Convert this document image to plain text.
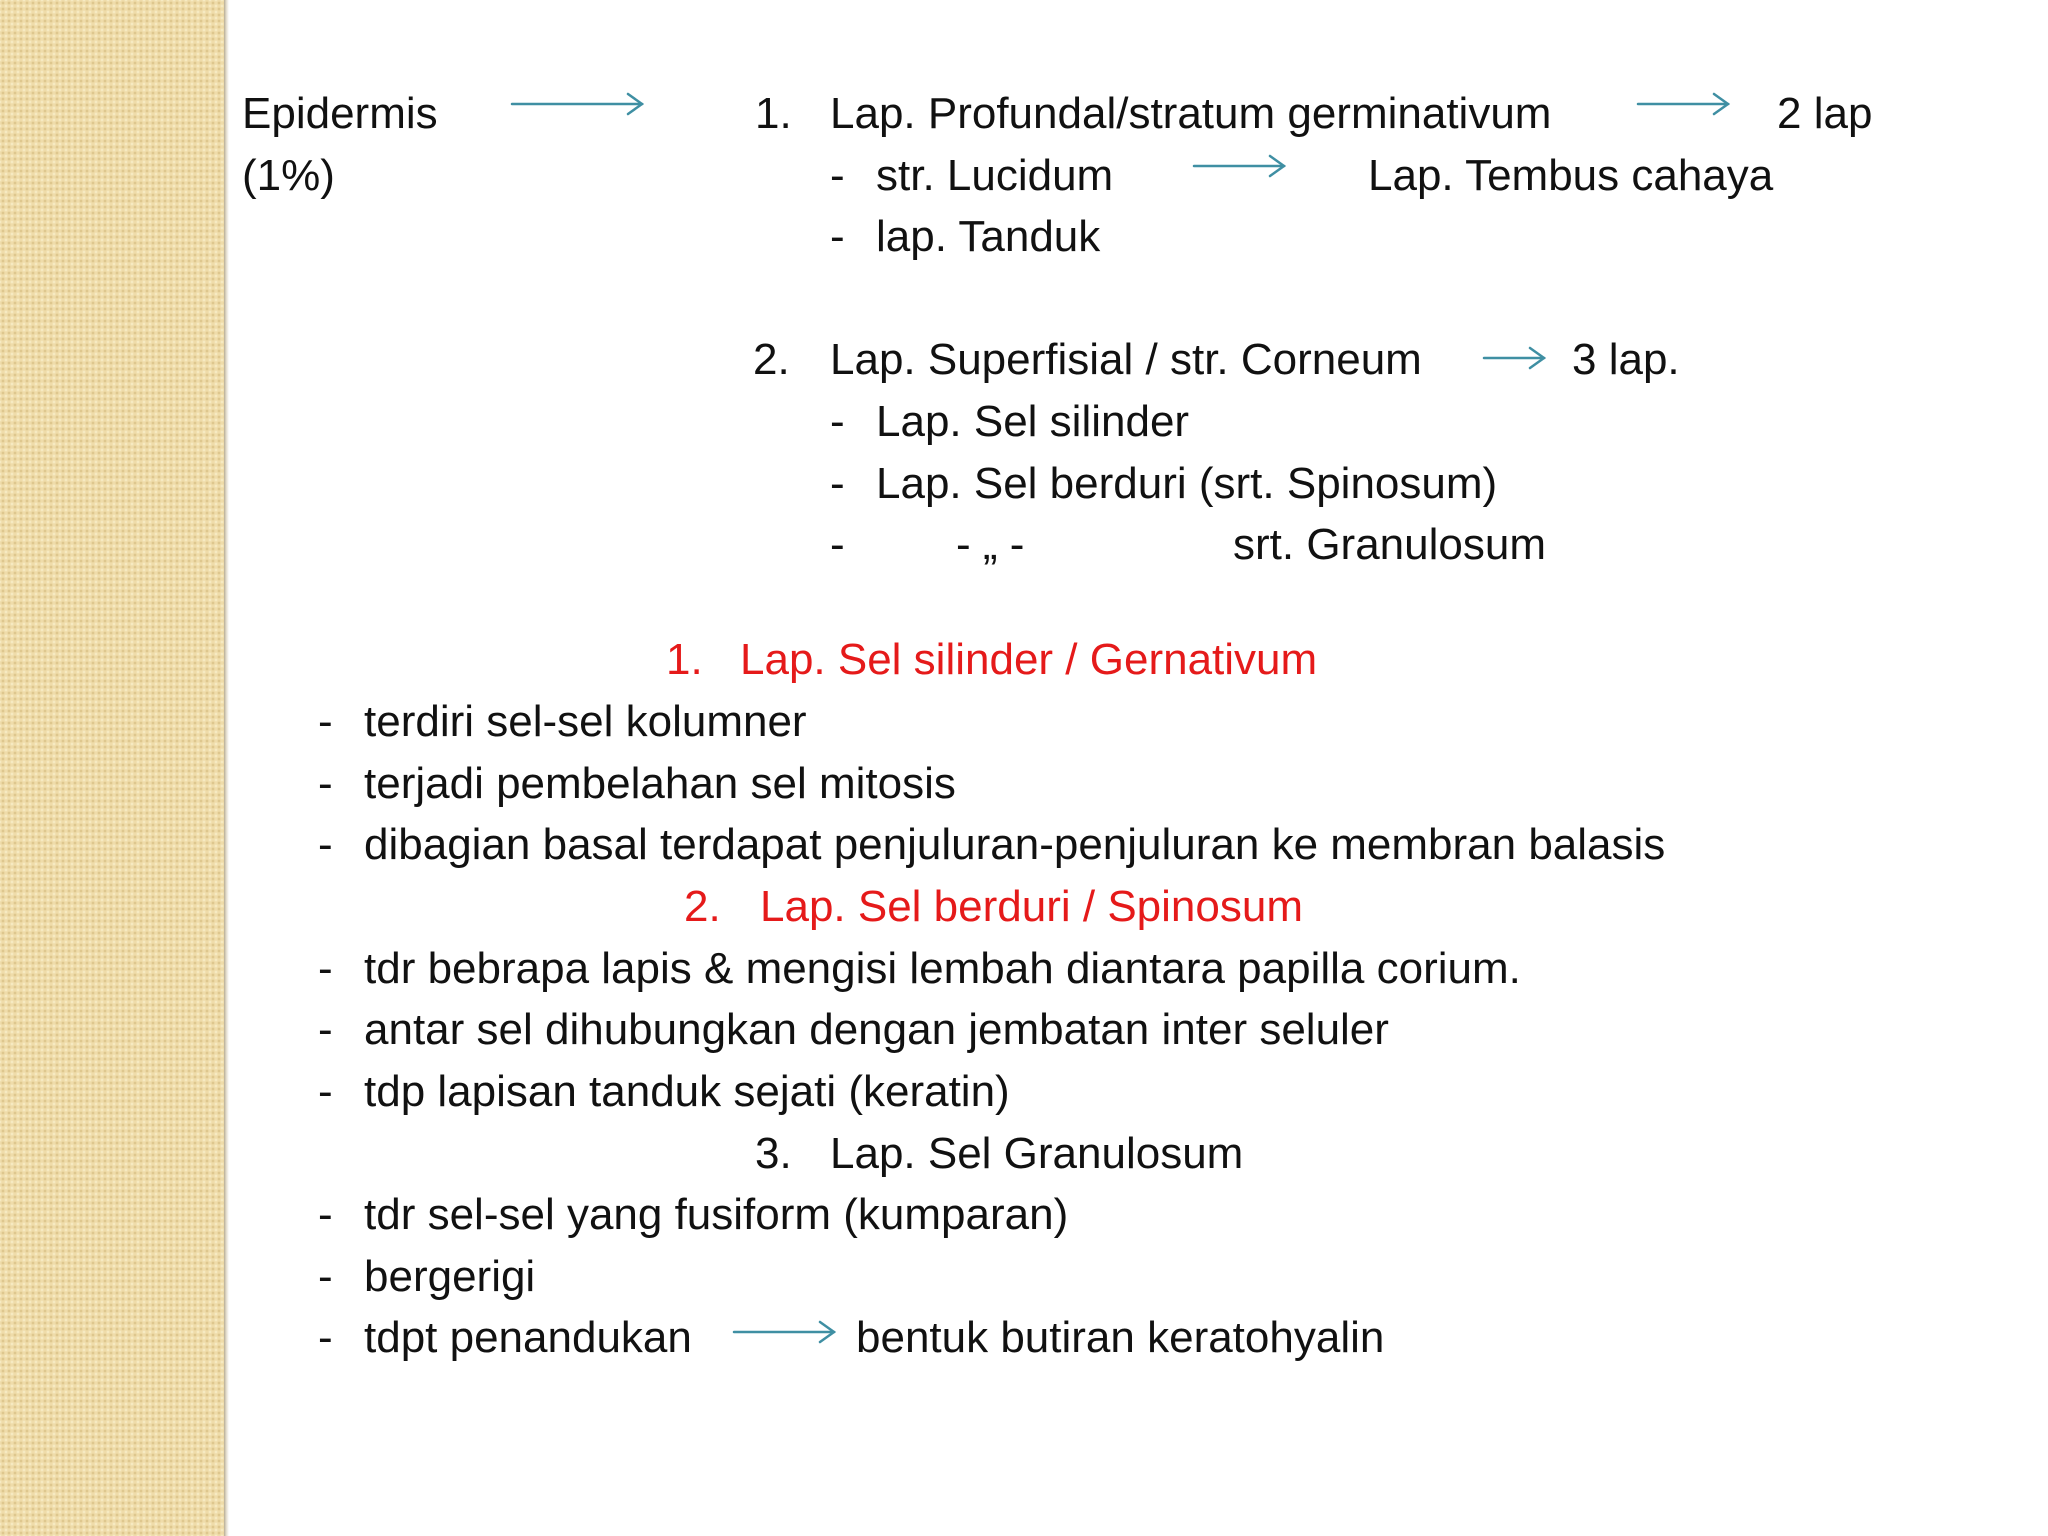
Epidermis

(1%)

1. Lap. Profundal/stratum germinativum	2 lap

- str. Lucidum	Lap. Tembus cahaya

- lap. Tanduk

2. Lap. Superfisial / str. Corneum	3 lap.

- Lap. Sel silinder

- Lap. Sel berduri (srt. Spinosum)

-	- „ -	srt. Granulosum

1. Lap. Sel silinder / Gernativum

- terdiri sel-sel kolumner

- terjadi pembelahan sel mitosis

- dibagian basal terdapat penjuluran-penjuluran ke membran balasis

2. Lap. Sel berduri / Spinosum

- tdr bebrapa lapis & mengisi lembah diantara papilla corium.

- antar sel dihubungkan dengan jembatan inter seluler

- tdp lapisan tanduk sejati (keratin)

3. Lap. Sel Granulosum

- tdr sel-sel yang fusiform (kumparan)

- bergerigi

- tdpt penandukan	bentuk butiran keratohyalin
